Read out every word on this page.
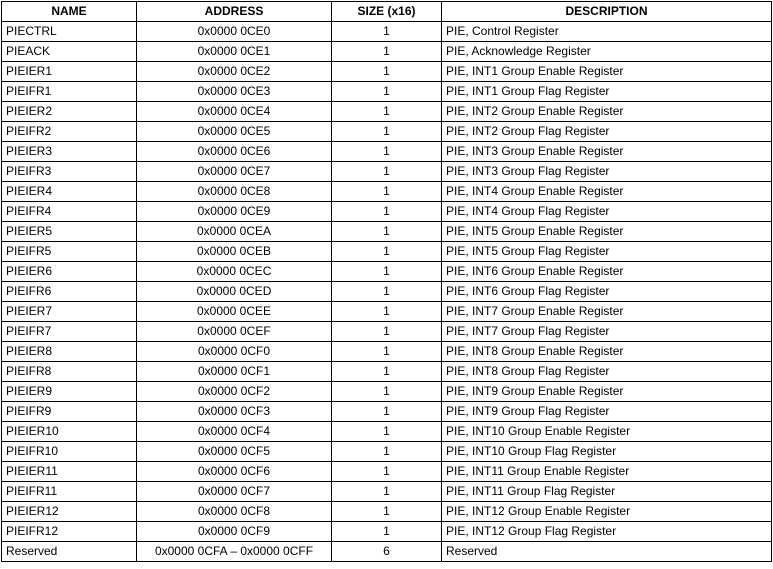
NAME	ADDRESS	SIZE (x16)	DESCRIPTION
PIECTRL	0x0000 0CE0	1	PIE, Control Register
PIEACK	0x0000 0CE1	1	PIE, Acknowledge Register
PIEIER1	0x0000 0CE2	1	PIE, INT1 Group Enable Register
PIEIFR1	0x0000 0CE3	1	PIE, INT1 Group Flag Register
PIEIER2	0x0000 0CE4	1	PIE, INT2 Group Enable Register
PIEIFR2	0x0000 0CE5	1	PIE, INT2 Group Flag Register
PIEIER3	0x0000 0CE6	1	PIE, INT3 Group Enable Register
PIEIFR3	0x0000 0CE7	1	PIE, INT3 Group Flag Register
PIEIER4	0x0000 0CE8	1	PIE, INT4 Group Enable Register
PIEIFR4	0x0000 0CE9	1	PIE, INT4 Group Flag Register
PIEIER5	0x0000 0CEA	1	PIE, INT5 Group Enable Register
PIEIFR5	0x0000 0CEB	1	PIE, INT5 Group Flag Register
PIEIER6	0x0000 0CEC	1	PIE, INT6 Group Enable Register
PIEIFR6	0x0000 0CED	1	PIE, INT6 Group Flag Register
PIEIER7	0x0000 0CEE	1	PIE, INT7 Group Enable Register
PIEIFR7	0x0000 0CEF	1	PIE, INT7 Group Flag Register
PIEIER8	0x0000 0CF0	1	PIE, INT8 Group Enable Register
PIEIFR8	0x0000 0CF1	1	PIE, INT8 Group Flag Register
PIEIER9	0x0000 0CF2	1	PIE, INT9 Group Enable Register
PIEIFR9	0x0000 0CF3	1	PIE, INT9 Group Flag Register
PIEIER10	0x0000 0CF4	1	PIE, INT10 Group Enable Register
PIEIFR10	0x0000 0CF5	1	PIE, INT10 Group Flag Register
PIEIER11	0x0000 0CF6	1	PIE, INT11 Group Enable Register
PIEIFR11	0x0000 0CF7	1	PIE, INT11 Group Flag Register
PIEIER12	0x0000 0CF8	1	PIE, INT12 Group Enable Register
PIEIFR12	0x0000 0CF9	1	PIE, INT12 Group Flag Register
Reserved	0x0000 0CFA – 0x0000 0CFF	6	Reserved
